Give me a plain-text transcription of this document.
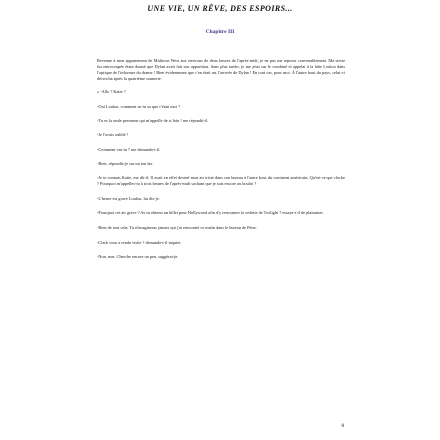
UNE VIE, UN RÊVE, DES ESPOIRS...
Chapitre III

Revenue à mon appartement de Midtown West aux environs de deux heures de l'après-midi, je ne pus me reposer convenablement. Ma sieste fut entrecoupée étant donné que Dylan avait fait son apparition. Sans plus tarder, je me jetai sur le combiné et appelai à la hâte Loulou dans l'optique de l'informer du drame ! Bien évidemment que c'en était un, l'arrivée de Dylan ! En tout cas, pour moi. À l'autre bout du pays, celui-ci décrocha après la quatrième sonnerie.

« -Allo ? Katie ?

-Oui Loulou, comment as-tu su que c'était moi ?

-Tu es la seule personne qui m'appelle de si loin ! me répondit-il.

-Je l'avais oublié !

-Comment vas-tu ? me demanda-t-il.

-Bien, répondis-je sur un ton las.

-Je te connais Katie, me dit-il. Il avait en effet deviné mon air triste dans son bureau à l'autre bout du continent américain. Qu'est-ce-qui cloche ? Pourquoi m'appelles-tu à trois heures de l'après-midi sachant que je suis encore au boulot ?

-L'heure est grave Loulou, lui dis-je.

-Pourquoi cet air grave ? As-tu obtenu un billet pour Hollywood afin d'y rencontrer la vedette de Twilight ? essaya-t-il de plaisanter.

-Rien de tout cela. Tu n'imagineras jamais qui j'ai rencontré ce matin dans le bureau de Peter.

-Clark vous a rendu visite ? demanda-t-il inquiet.

-Non, non. Cherche encore un peu, suggérai-je.

8
